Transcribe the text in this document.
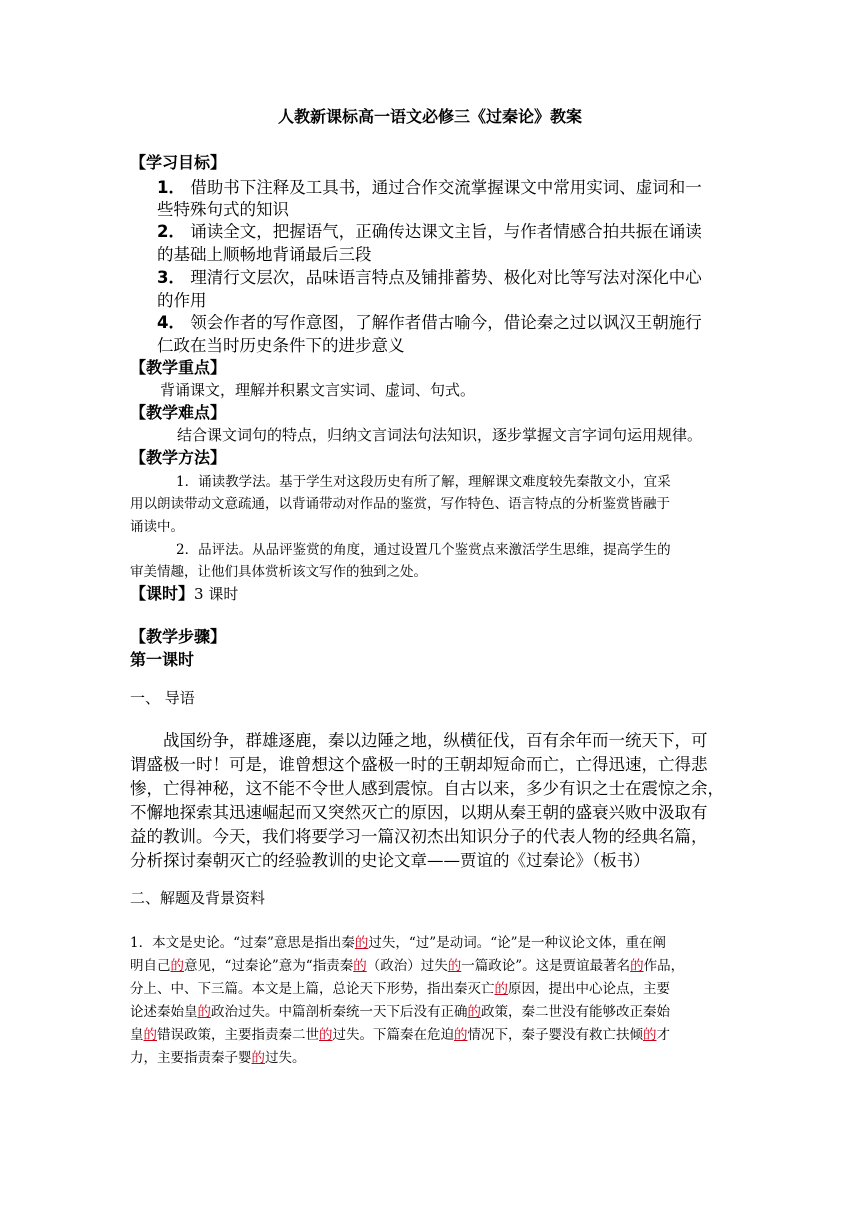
人教新课标高一语文必修三《过秦论》教案
【学习目标】
1． 借助书下注释及工具书，通过合作交流掌握课文中常用实词、虚词和一
些特殊句式的知识
2． 诵读全文，把握语气，正确传达课文主旨，与作者情感合拍共振在诵读
的基础上顺畅地背诵最后三段
3． 理清行文层次，品味语言特点及铺排蓄势、极化对比等写法对深化中心
的作用
4． 领会作者的写作意图，了解作者借古喻今，借论秦之过以讽汉王朝施行
仁政在当时历史条件下的进步意义
【教学重点】
背诵课文，理解并积累文言实词、虚词、句式。
【教学难点】
结合课文词句的特点，归纳文言词法句法知识，逐步掌握文言字词句运用规律。
【教学方法】
1．诵读教学法。基于学生对这段历史有所了解，理解课文难度较先秦散文小，宜采
用以朗读带动文意疏通，以背诵带动对作品的鉴赏，写作特色、语言特点的分析鉴赏皆融于
诵读中。
2．品评法。从品评鉴赏的角度，通过设置几个鉴赏点来激活学生思维，提高学生的
审美情趣，让他们具体赏析该文写作的独到之处。
【课时】3 课时
【教学步骤】
第一课时
一、 导语
战国纷争，群雄逐鹿，秦以边陲之地，纵横征伐，百有余年而一统天下，可
谓盛极一时！可是，谁曾想这个盛极一时的王朝却短命而亡，亡得迅速，亡得悲
惨，亡得神秘，这不能不令世人感到震惊。自古以来，多少有识之士在震惊之余，
不懈地探索其迅速崛起而又突然灭亡的原因，以期从秦王朝的盛衰兴败中汲取有
益的教训。今天，我们将要学习一篇汉初杰出知识分子的代表人物的经典名篇，
分析探讨秦朝灭亡的经验教训的史论文章——贾谊的《过秦论》（板书）
二、解题及背景资料
1．本文是史论。“过秦”意思是指出秦的过失，“过”是动词。“论”是一种议论文体，重在阐
明自己的意见，“过秦论”意为“指责秦的（政治）过失的一篇政论”。这是贾谊最著名的作品，
分上、中、下三篇。本文是上篇，总论天下形势，指出秦灭亡的原因，提出中心论点，主要
论述秦始皇的政治过失。中篇剖析秦统一天下后没有正确的政策，秦二世没有能够改正秦始
皇的错误政策，主要指责秦二世的过失。下篇秦在危迫的情况下，秦子婴没有救亡扶倾的才
力，主要指责秦子婴的过失。
